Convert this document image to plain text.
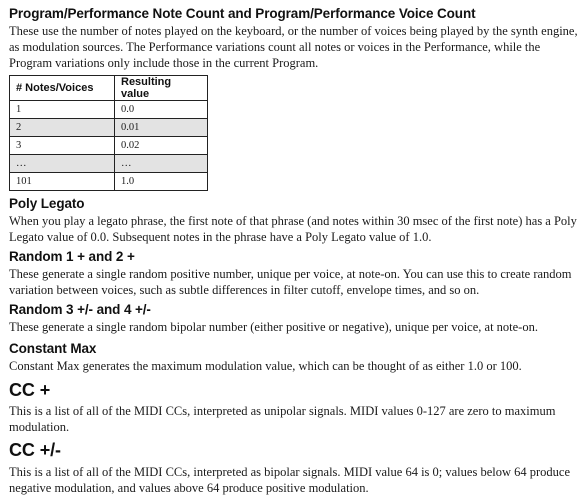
Program/Performance Note Count and Program/Performance Voice Count

These use the number of notes played on the keyboard, or the number of voices being played by the synth engine, as modulation sources. The Performance variations count all notes or voices in the Performance, while the Program variations only include those in the current Program.

# Notes/Voices	Resulting value
1	0.0
2	0.01
3	0.02
…	…
101	1.0
Poly Legato

When you play a legato phrase, the first note of that phrase (and notes within 30 msec of the first note) has a Poly Legato value of 0.0. Subsequent notes in the phrase have a Poly Legato value of 1.0.

Random 1 + and 2 +

These generate a single random positive number, unique per voice, at note-on. You can use this to create random variation between voices, such as subtle differences in filter cutoff, envelope times, and so on.

Random 3 +/- and 4 +/-

These generate a single random bipolar number (either positive or negative), unique per voice, at note-on.

Constant Max

Constant Max generates the maximum modulation value, which can be thought of as either 1.0 or 100.

CC +

This is a list of all of the MIDI CCs, interpreted as unipolar signals. MIDI values 0-127 are zero to maximum modulation.

CC +/-

This is a list of all of the MIDI CCs, interpreted as bipolar signals. MIDI value 64 is 0; values below 64 produce negative modulation, and values above 64 produce positive modulation.
